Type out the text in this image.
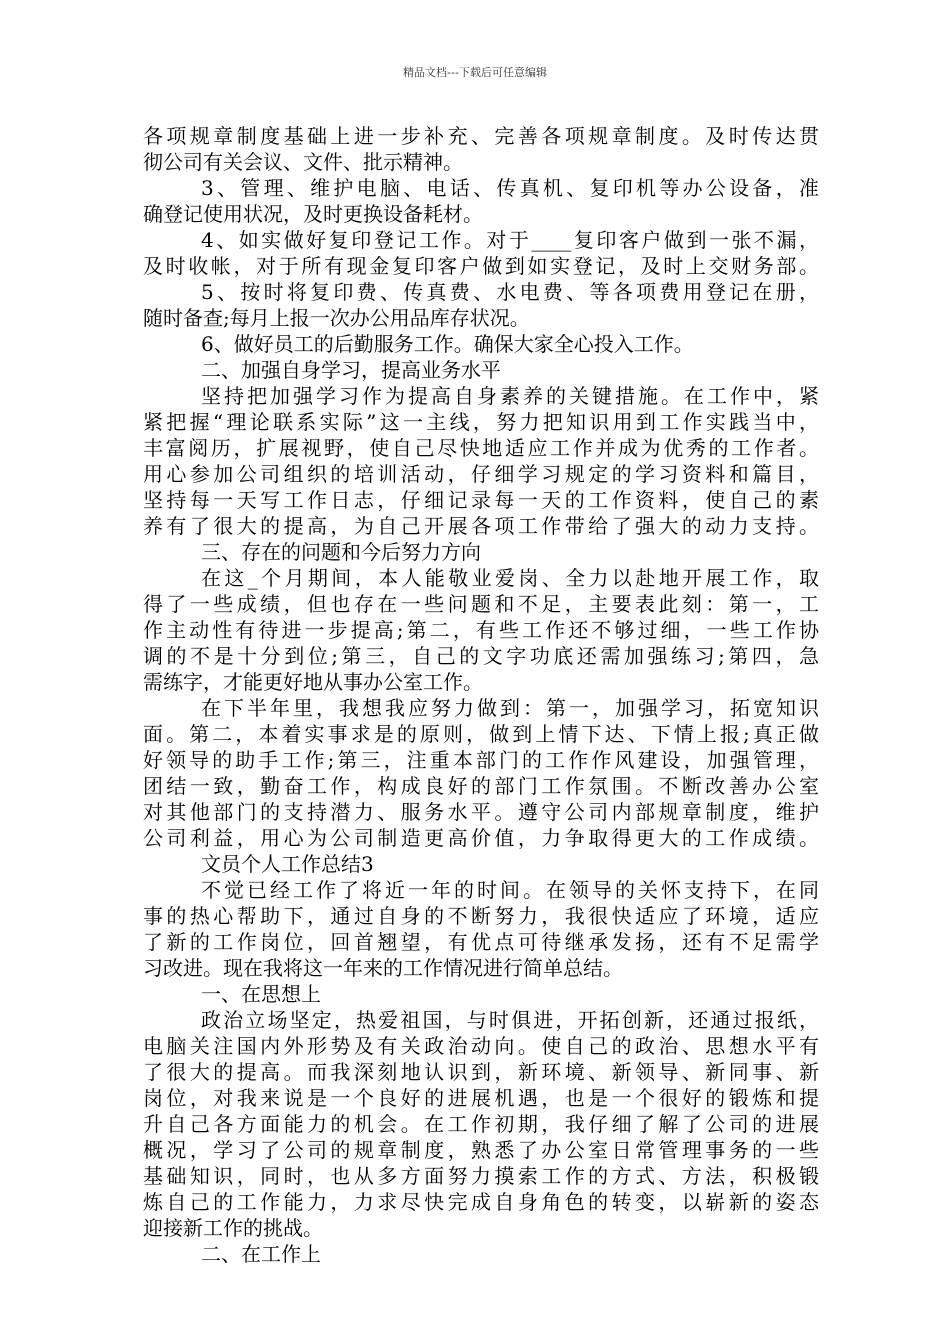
精品文档---下载后可任意编辑
各项规章制度基础上进一步补充、完善各项规章制度。及时传达贯
彻公司有关会议、文件、批示精神。
3、管理、维护电脑、电话、传真机、复印机等办公设备，准
确登记使用状况，及时更换设备耗材。
4、如实做好复印登记工作。对于____复印客户做到一张不漏，
及时收帐，对于所有现金复印客户做到如实登记，及时上交财务部。
5、按时将复印费、传真费、水电费、等各项费用登记在册，
随时备查;每月上报一次办公用品库存状况。
6、做好员工的后勤服务工作。确保大家全心投入工作。
二、加强自身学习，提高业务水平
坚持把加强学习作为提高自身素养的关键措施。在工作中，紧
紧把握“理论联系实际”这一主线，努力把知识用到工作实践当中，
丰富阅历，扩展视野，使自己尽快地适应工作并成为优秀的工作者。
用心参加公司组织的培训活动，仔细学习规定的学习资料和篇目，
坚持每一天写工作日志，仔细记录每一天的工作资料，使自己的素
养有了很大的提高，为自己开展各项工作带给了强大的动力支持。
三、存在的问题和今后努力方向
在这_个月期间，本人能敬业爱岗、全力以赴地开展工作，取
得了一些成绩，但也存在一些问题和不足，主要表此刻：第一，工
作主动性有待进一步提高;第二，有些工作还不够过细，一些工作协
调的不是十分到位;第三，自己的文字功底还需加强练习;第四，急
需练字，才能更好地从事办公室工作。
在下半年里，我想我应努力做到：第一，加强学习，拓宽知识
面。第二，本着实事求是的原则，做到上情下达、下情上报;真正做
好领导的助手工作;第三，注重本部门的工作作风建设，加强管理，
团结一致，勤奋工作，构成良好的部门工作氛围。不断改善办公室
对其他部门的支持潜力、服务水平。遵守公司内部规章制度，维护
公司利益，用心为公司制造更高价值，力争取得更大的工作成绩。
文员个人工作总结3
不觉已经工作了将近一年的时间。在领导的关怀支持下，在同
事的热心帮助下，通过自身的不断努力，我很快适应了环境，适应
了新的工作岗位，回首翘望，有优点可待继承发扬，还有不足需学
习改进。现在我将这一年来的工作情况进行简单总结。
一、在思想上
政治立场坚定，热爱祖国，与时俱进，开拓创新，还通过报纸，
电脑关注国内外形势及有关政治动向。使自己的政治、思想水平有
了很大的提高。而我深刻地认识到，新环境、新领导、新同事、新
岗位，对我来说是一个良好的进展机遇，也是一个很好的锻炼和提
升自己各方面能力的机会。在工作初期，我仔细了解了公司的进展
概况，学习了公司的规章制度，熟悉了办公室日常管理事务的一些
基础知识，同时，也从多方面努力摸索工作的方式、方法，积极锻
炼自己的工作能力，力求尽快完成自身角色的转变，以崭新的姿态
迎接新工作的挑战。
二、在工作上
